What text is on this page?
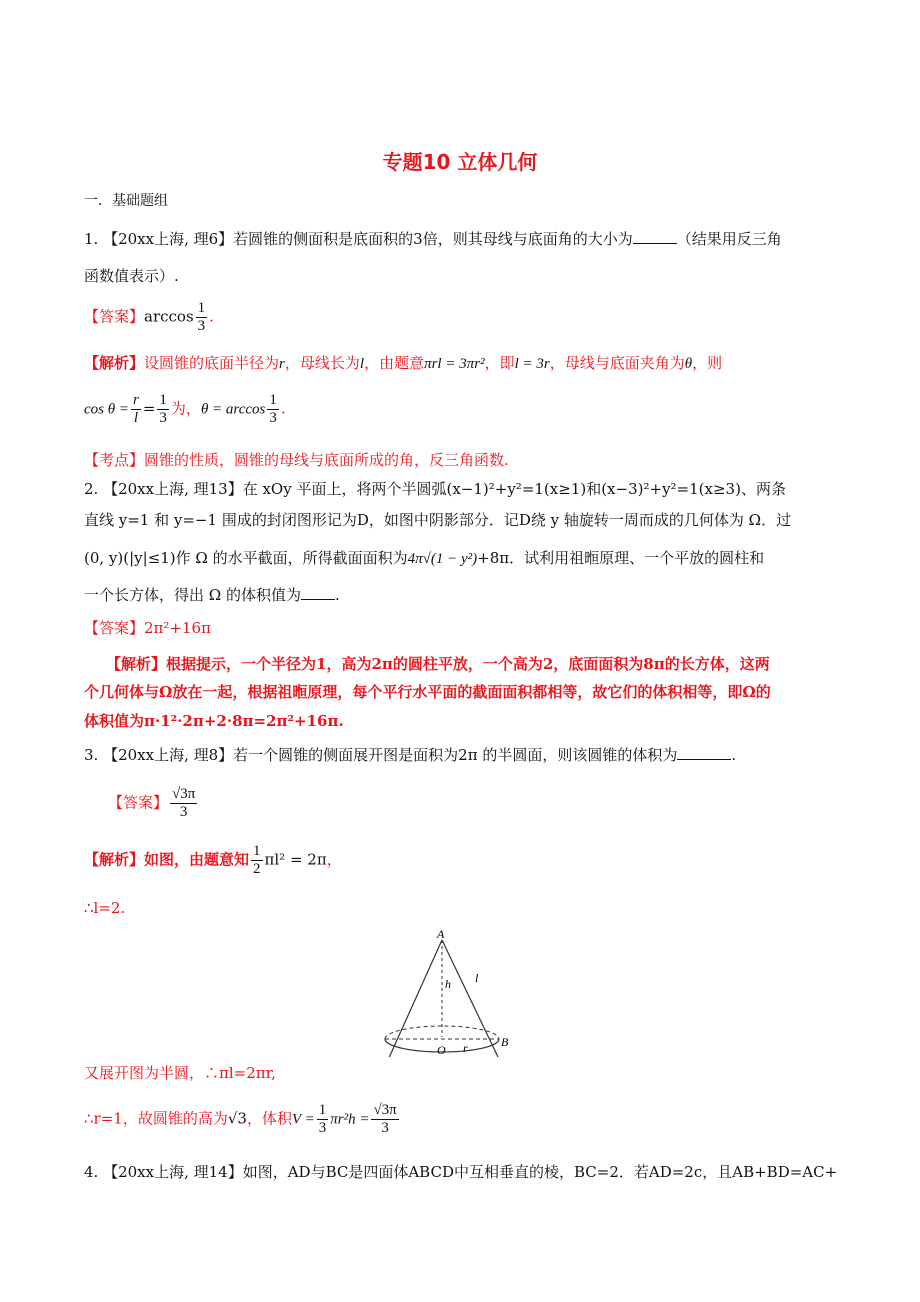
专题10 立体几何
一．基础题组
1. 【20xx上海, 理6】若圆锥的侧面积是底面积的3倍，则其母线与底面角的大小为	（结果用反三角
函数值表示）.
【答案】$\arccos \frac{1}{3}$ .
【解析】设圆锥的底面半径为r，母线长为l，由题意πrl = 3πr²，即l = 3r，母线与底面夹角为θ，则
$\cos \theta = \frac{r}{l} = \frac{1}{3}$ 为，$\theta = \arccos \frac{1}{3}$ .
【考点】圆锥的性质，圆锥的母线与底面所成的角，反三角函数.
2. 【20xx上海, 理13】在 xOy 平面上，将两个半圆弧(x−1)²+y²=1(x≥1)和(x−3)²+y²=1(x≥3)、两条
直线 y=1 和 y=−1 围成的封闭图形记为D，如图中阴影部分．记D绕 y 轴旋转一周而成的几何体为 Ω．过
(0, y)(|y|≤1)作 Ω 的水平截面，所得截面面积为4π√(1 − y²)+8π．试利用祖暅原理、一个平放的圆柱和
一个长方体，得出 Ω 的体积值为 .
【答案】2π²+16π
【解析】根据提示，一个半径为1，高为2π的圆柱平放，一个高为2，底面面积为8π的长方体，这两
个几何体与Ω放在一起，根据祖暅原理，每个平行水平面的截面面积都相等，故它们的体积相等，即Ω的
体积值为π·1²·2π+2·8π=2π²+16π.
3. 【20xx上海, 理8】若一个圆锥的侧面展开图是面积为2π 的半圆面，则该圆锥的体积为	.
【答案】 $\frac{√3\pi}{3}$
【解析】如图，由题意知 $\frac{1}{2} \pi l^2 = 2\pi$，
∴l=2.
A
B
O
h l
r
又展开图为半圆，∴πl=2πr,
∴r=1，故圆锥的高为√3，体积$V = \frac{1}{3} \pi r^2h = \frac{√3\pi}{3}$
4. 【20xx上海, 理14】如图，AD与BC是四面体ABCD中互相垂直的棱，BC=2．若AD=2c，且AB+BD=AC+
